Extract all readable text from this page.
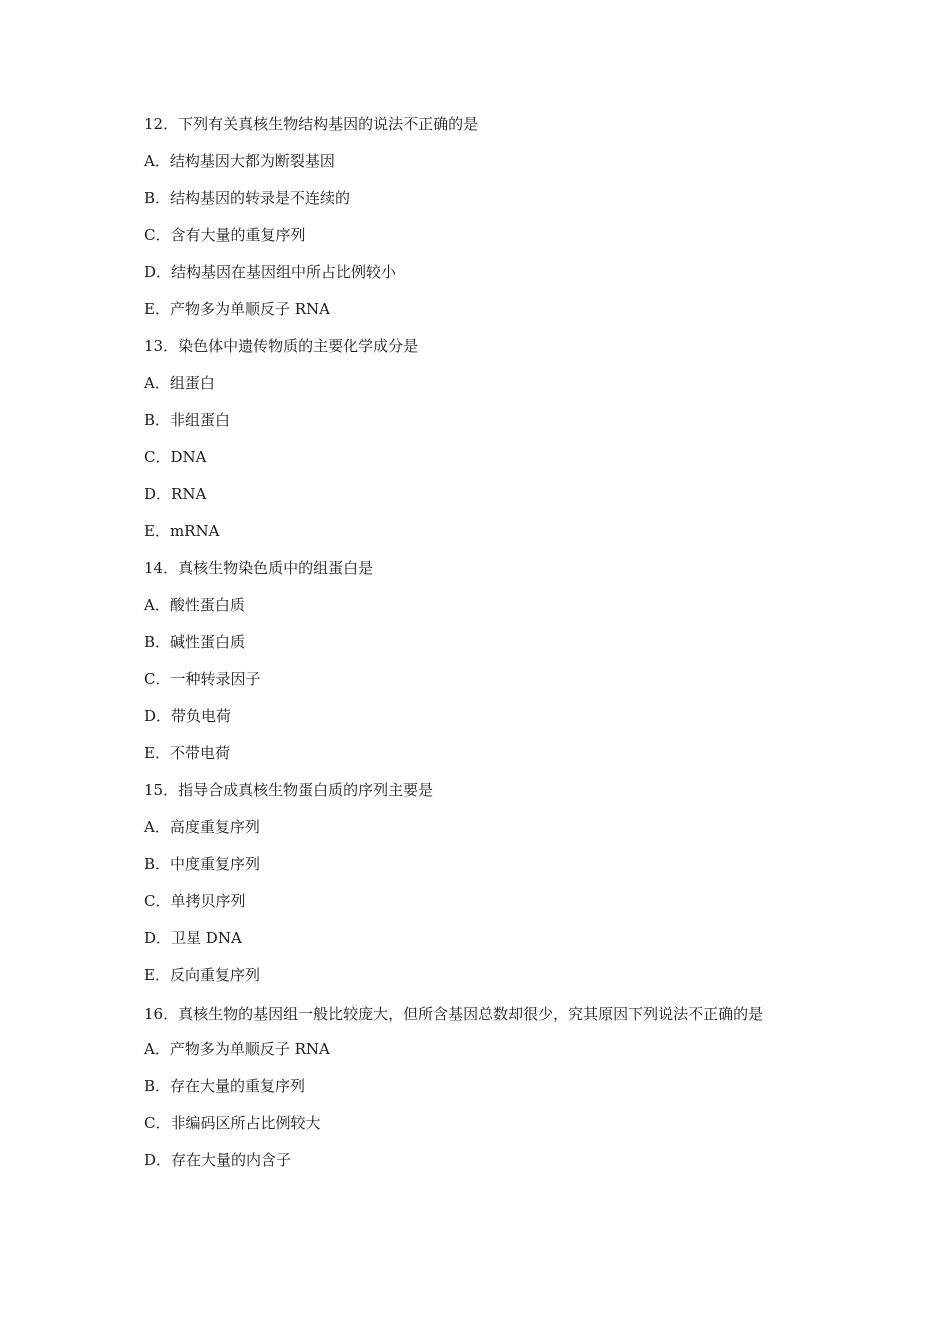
12．下列有关真核生物结构基因的说法不正确的是
A．结构基因大都为断裂基因
B．结构基因的转录是不连续的
C．含有大量的重复序列
D．结构基因在基因组中所占比例较小
E．产物多为单顺反子 RNA
13．染色体中遗传物质的主要化学成分是
A．组蛋白
B．非组蛋白
C．DNA
D．RNA
E．mRNA
14．真核生物染色质中的组蛋白是
A．酸性蛋白质
B．碱性蛋白质
C．一种转录因子
D．带负电荷
E．不带电荷
15．指导合成真核生物蛋白质的序列主要是
A．高度重复序列
B．中度重复序列
C．单拷贝序列
D．卫星 DNA
E．反向重复序列
16．真核生物的基因组一般比较庞大，但所含基因总数却很少，究其原因下列说法不正确的是
A．产物多为单顺反子 RNA
B．存在大量的重复序列
C．非编码区所占比例较大
D．存在大量的内含子
